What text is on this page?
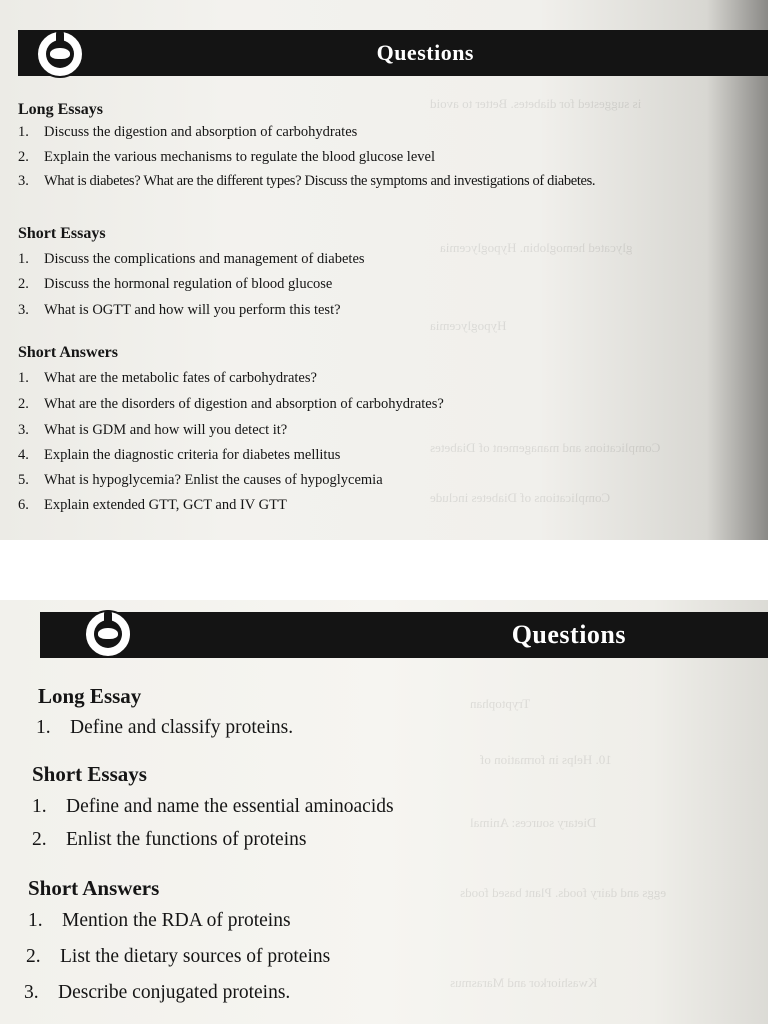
is suggested for diabetes. Better to avoid
glycated hemoglobin. Hypoglycemia
Hypoglycemia
Complications and management of Diabetes
Complications of Diabetes include
Questions
Long Essays
1.	Discuss the digestion and absorption of carbohydrates
2.	Explain the various mechanisms to regulate the blood glucose level
3.	What is diabetes? What are the different types? Discuss the symptoms and investigations of diabetes.
Short Essays
1.	Discuss the complications and management of diabetes
2.	Discuss the hormonal regulation of blood glucose
3.	What is OGTT and how will you perform this test?
Short Answers
1.	What are the metabolic fates of carbohydrates?
2.	What are the disorders of digestion and absorption of carbohydrates?
3.	What is GDM and how will you detect it?
4.	Explain the diagnostic criteria for diabetes mellitus
5.	What is hypoglycemia? Enlist the causes of hypoglycemia
6.	Explain extended GTT, GCT and IV GTT
Tryptophan
10. Helps in formation of
Dietary sources: Animal
eggs and dairy foods. Plant based foods
Kwashiorkor and Marasmus
Questions
Long Essay
1. Define and classify proteins.
Short Essays
1. Define and name the essential aminoacids
2. Enlist the functions of proteins
Short Answers
1. Mention the RDA of proteins
2. List the dietary sources of proteins
3. Describe conjugated proteins.
